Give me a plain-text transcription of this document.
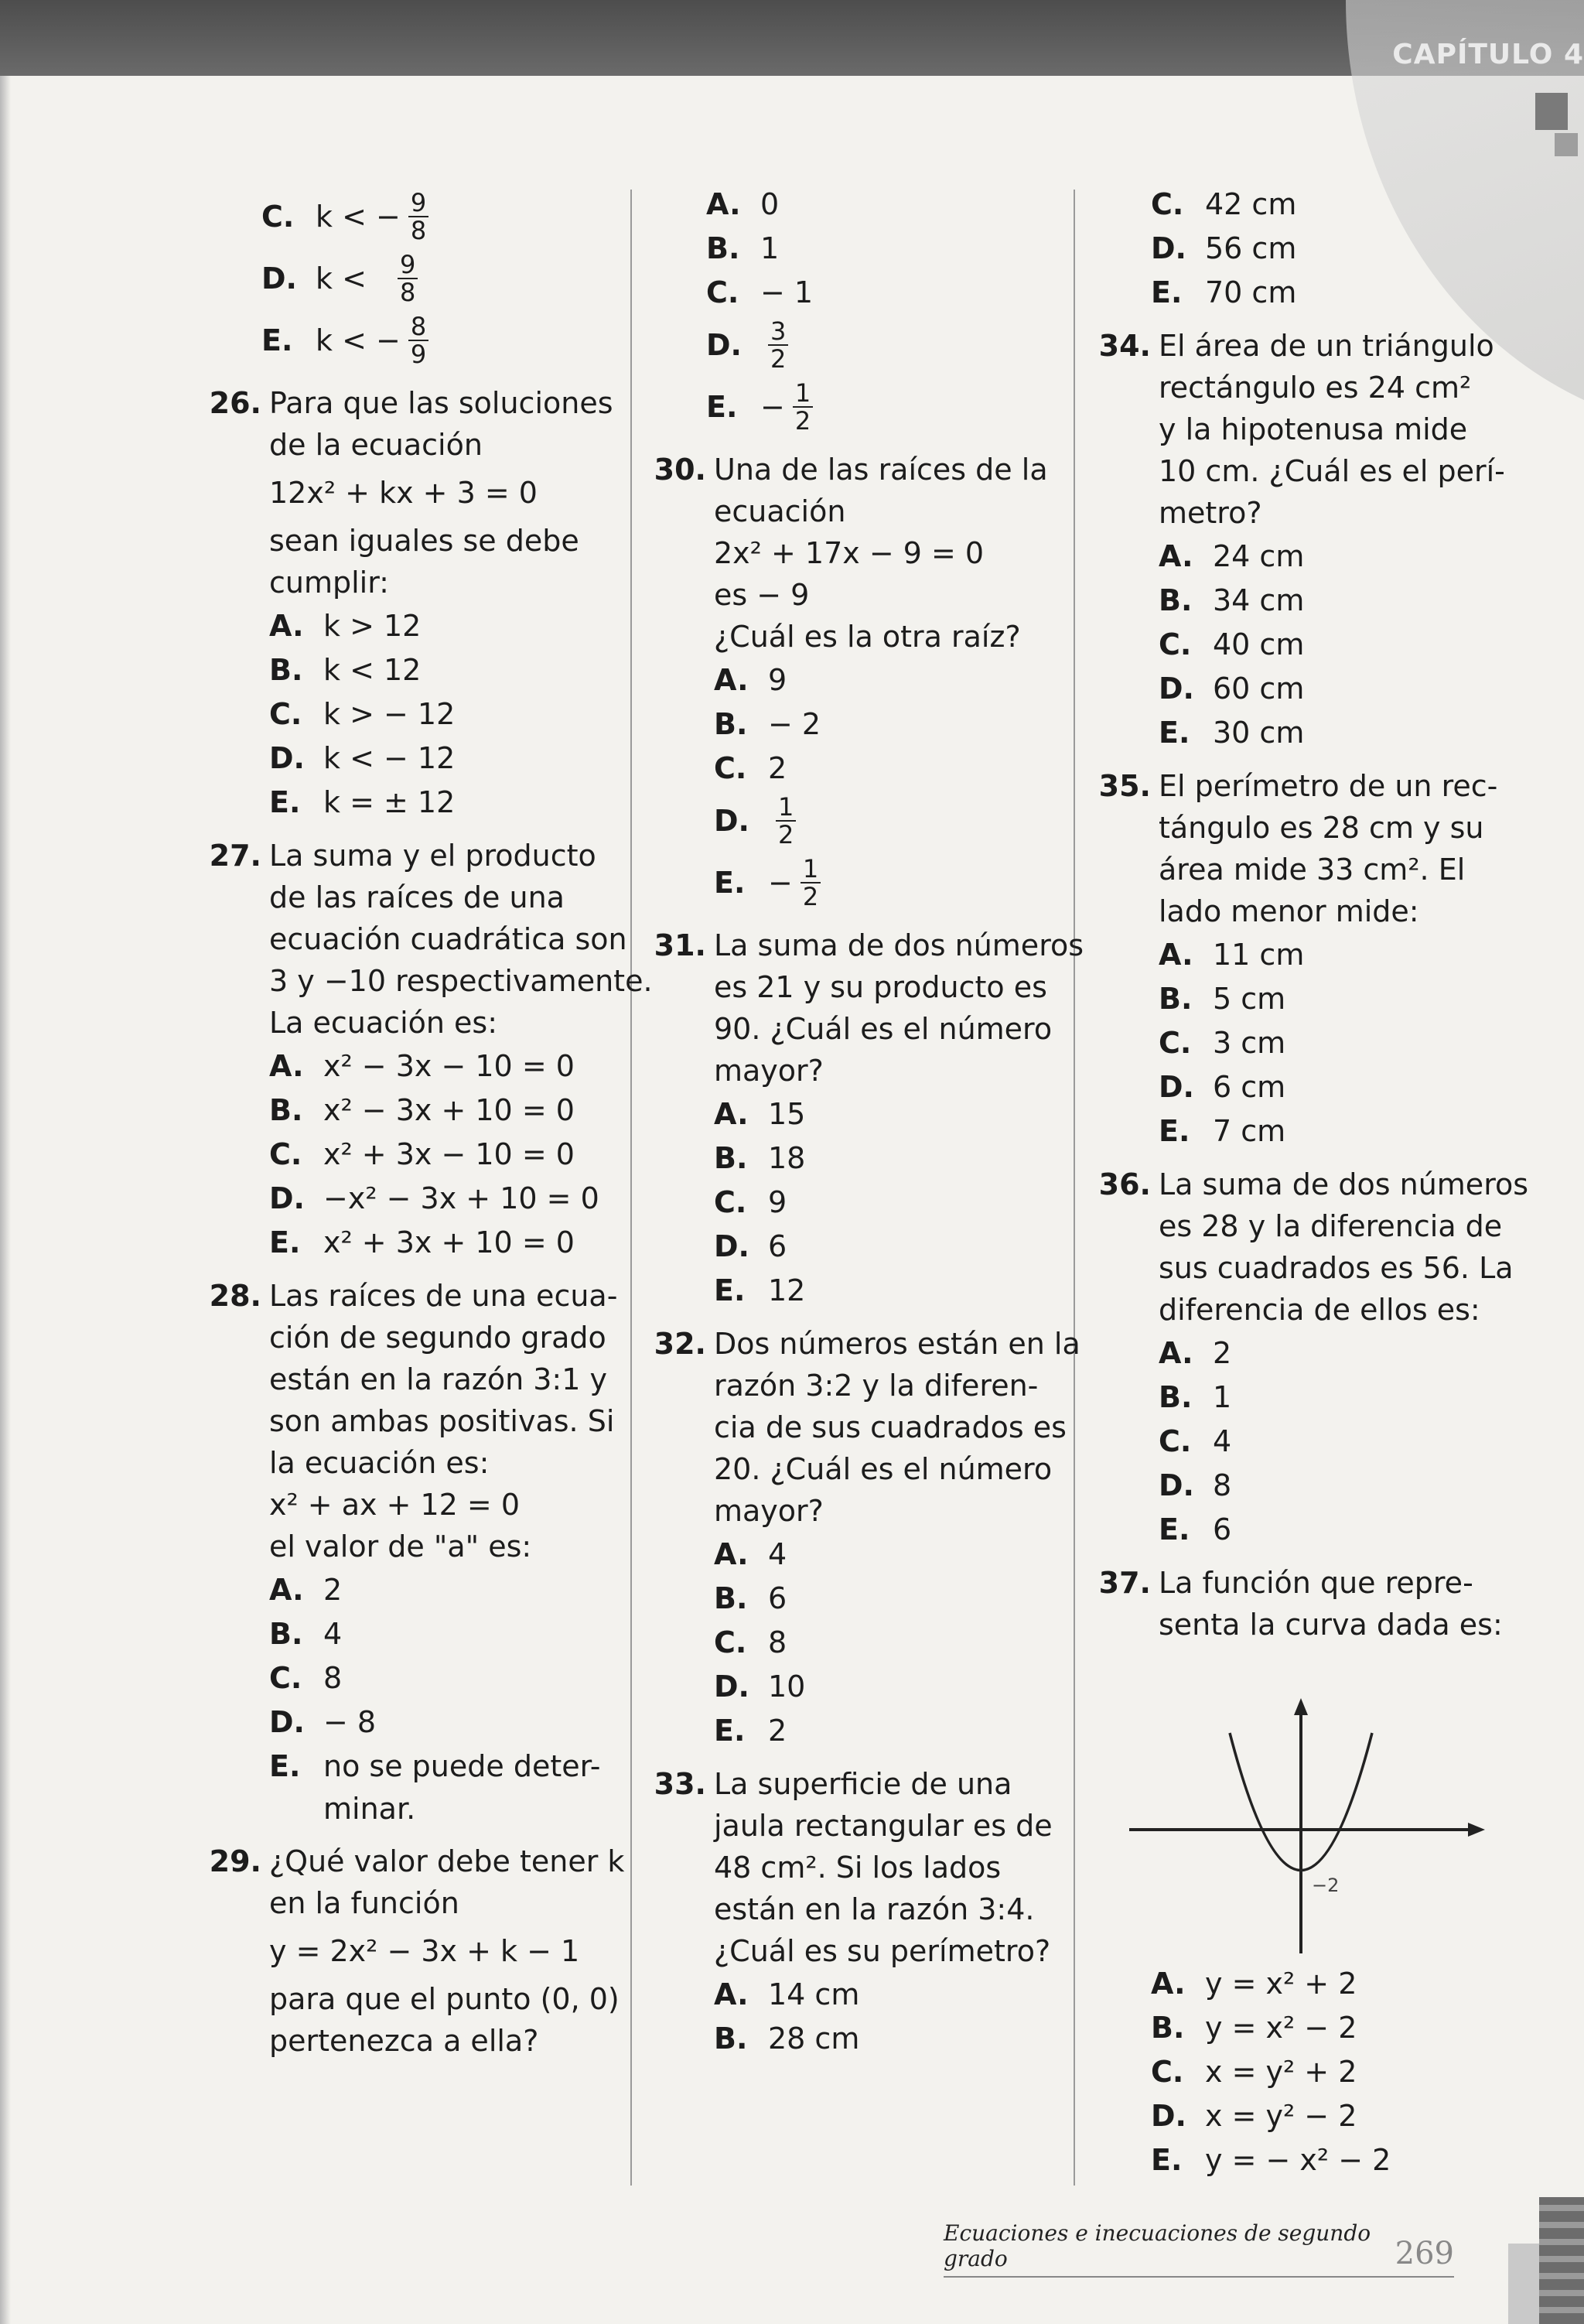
CAPÍTULO 4
C. k < − $\frac{9}{8}$
D. $k < \frac{9}{8}$
E. k < − $\frac{8}{9}$
26. Para que las soluciones
de la ecuación
12x² + kx + 3 = 0
sean iguales se debe
cumplir:
A. k > 12
B. k < 12
C. k > − 12
D. k < − 12
E. k = ± 12
27. La suma y el producto
de las raíces de una
ecuación cuadrática son
3 y −10 respectivamente.
La ecuación es:
A. x² − 3x − 10 = 0
B. x² − 3x + 10 = 0
C. x² + 3x − 10 = 0
D. −x² − 3x + 10 = 0
E. x² + 3x + 10 = 0
28. Las raíces de una ecua-
ción de segundo grado
están en la razón 3:1 y
son ambas positivas. Si
la ecuación es:
x² + ax + 12 = 0
el valor de "a" es:
A. 2
B. 4
C. 8
D. − 8
E. no se puede deter-
minar.
29. ¿Qué valor debe tener k
en la función
y = 2x² − 3x + k − 1
para que el punto (0, 0)
pertenezca a ella?
A. 0
B. 1
C. − 1
D.	$\frac{3}{2}$
E. − $\frac{1}{2}$
30. Una de las raíces de la
ecuación
2x² + 17x − 9 = 0
es − 9
¿Cuál es la otra raíz?
A. 9
B. − 2
C. 2
D.	$\frac{1}{2}$
E. − $\frac{1}{2}$
31. La suma de dos números
es 21 y su producto es
90. ¿Cuál es el número
mayor?
A. 15
B. 18
C. 9
D. 6
E. 12
32. Dos números están en la
razón 3:2 y la diferen-
cia de sus cuadrados es
20. ¿Cuál es el número
mayor?
A. 4
B. 6
C. 8
D. 10
E. 2
33. La superficie de una
jaula rectangular es de
48 cm². Si los lados
están en la razón 3:4.
¿Cuál es su perímetro?
A. 14 cm
B. 28 cm
C. 42 cm
D. 56 cm
E. 70 cm
34. El área de un triángulo
rectángulo es 24 cm²
y la hipotenusa mide
10 cm. ¿Cuál es el perí-
metro?
A. 24 cm
B. 34 cm
C. 40 cm
D. 60 cm
E. 30 cm
35. El perímetro de un rec-
tángulo es 28 cm y su
área mide 33 cm². El
lado menor mide:
A. 11 cm
B. 5 cm
C. 3 cm
D. 6 cm
E. 7 cm
36. La suma de dos números
es 28 y la diferencia de
sus cuadrados es 56. La
diferencia de ellos es:
A. 2
B. 1
C. 4
D. 8
E. 6
37. La función que repre-
senta la curva dada es:
−2
A. y = x² + 2
B. y = x² − 2
C. x = y² + 2
D. x = y² − 2
E. y = − x² − 2
Ecuaciones e inecuaciones de segundo grado	269
